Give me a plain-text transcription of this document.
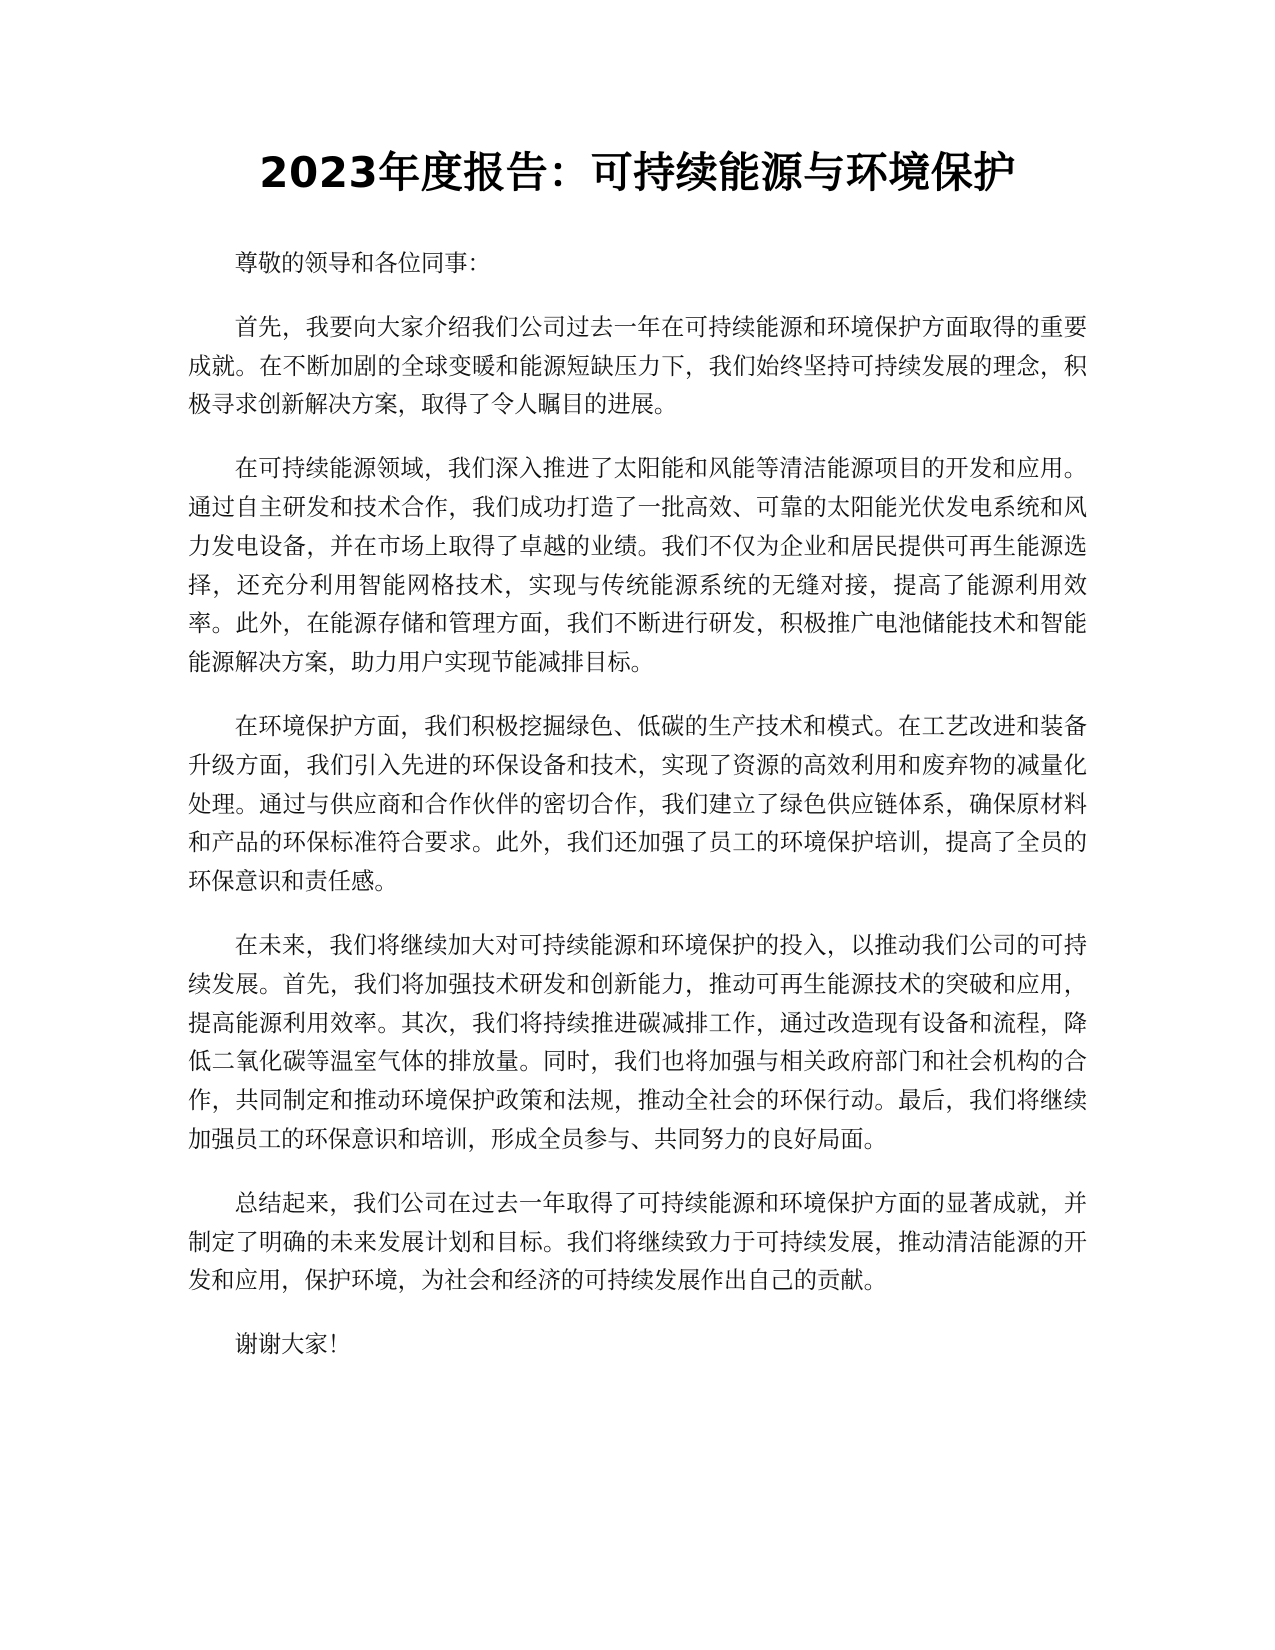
2023年度报告：可持续能源与环境保护

尊敬的领导和各位同事：

首先，我要向大家介绍我们公司过去一年在可持续能源和环境保护方面取得的重要成就。在不断加剧的全球变暖和能源短缺压力下，我们始终坚持可持续发展的理念，积极寻求创新解决方案，取得了令人瞩目的进展。

在可持续能源领域，我们深入推进了太阳能和风能等清洁能源项目的开发和应用。通过自主研发和技术合作，我们成功打造了一批高效、可靠的太阳能光伏发电系统和风力发电设备，并在市场上取得了卓越的业绩。我们不仅为企业和居民提供可再生能源选择，还充分利用智能网格技术，实现与传统能源系统的无缝对接，提高了能源利用效率。此外，在能源存储和管理方面，我们不断进行研发，积极推广电池储能技术和智能能源解决方案，助力用户实现节能减排目标。

在环境保护方面，我们积极挖掘绿色、低碳的生产技术和模式。在工艺改进和装备升级方面，我们引入先进的环保设备和技术，实现了资源的高效利用和废弃物的减量化处理。通过与供应商和合作伙伴的密切合作，我们建立了绿色供应链体系，确保原材料和产品的环保标准符合要求。此外，我们还加强了员工的环境保护培训，提高了全员的环保意识和责任感。

在未来，我们将继续加大对可持续能源和环境保护的投入，以推动我们公司的可持续发展。首先，我们将加强技术研发和创新能力，推动可再生能源技术的突破和应用，提高能源利用效率。其次，我们将持续推进碳减排工作，通过改造现有设备和流程，降低二氧化碳等温室气体的排放量。同时，我们也将加强与相关政府部门和社会机构的合作，共同制定和推动环境保护政策和法规，推动全社会的环保行动。最后，我们将继续加强员工的环保意识和培训，形成全员参与、共同努力的良好局面。

总结起来，我们公司在过去一年取得了可持续能源和环境保护方面的显著成就，并制定了明确的未来发展计划和目标。我们将继续致力于可持续发展，推动清洁能源的开发和应用，保护环境，为社会和经济的可持续发展作出自己的贡献。

谢谢大家！
